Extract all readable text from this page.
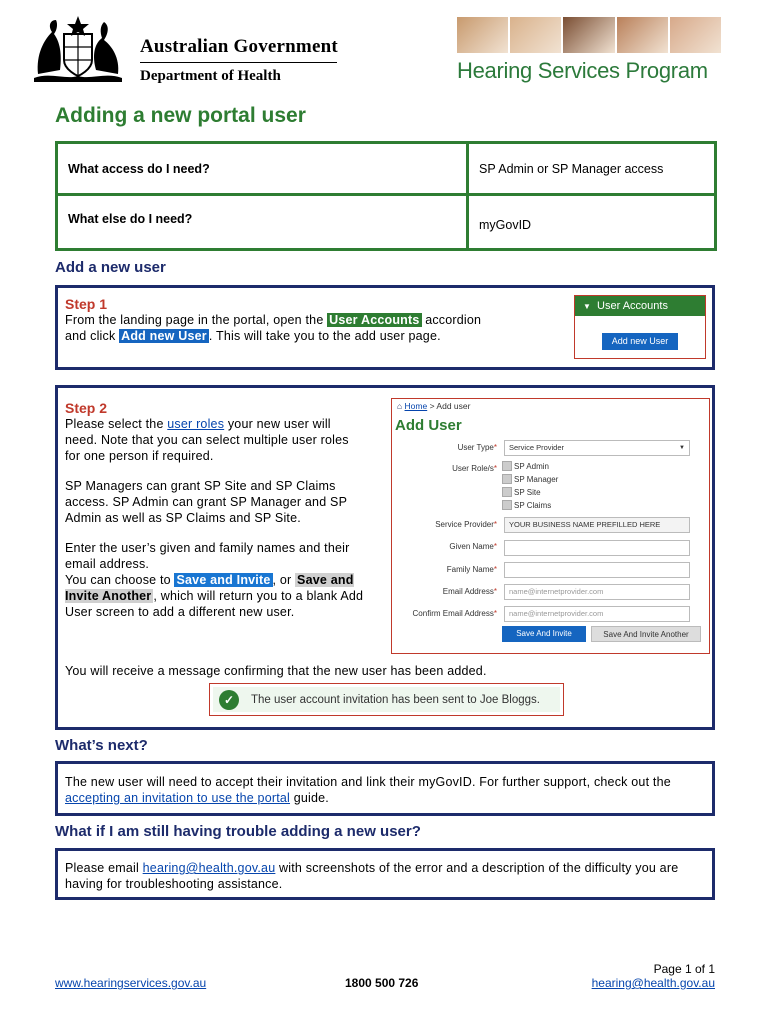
Australian Government
Department of Health	Hearing Services Program
Adding a new portal user
What access do I need?	SP Admin or SP Manager access
What else do I need?	myGovID
Add a new user
Step 1

From the landing page in the portal, open the User Accounts accordion and click Add new User . This will take you to the add user page.

▼ User Accounts
Add new User
Step 2

Please select the user roles your new user will need. Note that you can select multiple user roles for one person if required.

SP Managers can grant SP Site and SP Claims access. SP Admin can grant SP Manager and SP Admin as well as SP Claims and SP Site.

Enter the user’s given and family names and their email address.

You can choose to Save and Invite , or Save and Invite Another , which will return you to a blank Add User screen to add a different new user.

⌂ Home > Add user
Add User
User Type* Service Provider	▼
User Role/s* SP Admin
SP Manager
SP Site
SP Claims
Service Provider*	YOUR BUSINESS NAME PREFILLED HERE
Given Name*
Family Name*
Email Address*	name@internetprovider.com
Confirm Email Address*	name@internetprovider.com
Save And Invite	Save And Invite Another

You will receive a message confirming that the new user has been added.

✓	The user account invitation has been sent to Joe Bloggs.
What’s next?

The new user will need to accept their invitation and link their myGovID. For further support, check out the accepting an invitation to use the portal guide.

What if I am still having trouble adding a new user?

Please email hearing@health.gov.au with screenshots of the error and a description of the difficulty you are having for troubleshooting assistance.

Page 1 of 1
www.hearingservices.gov.au	1800 500 726	hearing@health.gov.au
